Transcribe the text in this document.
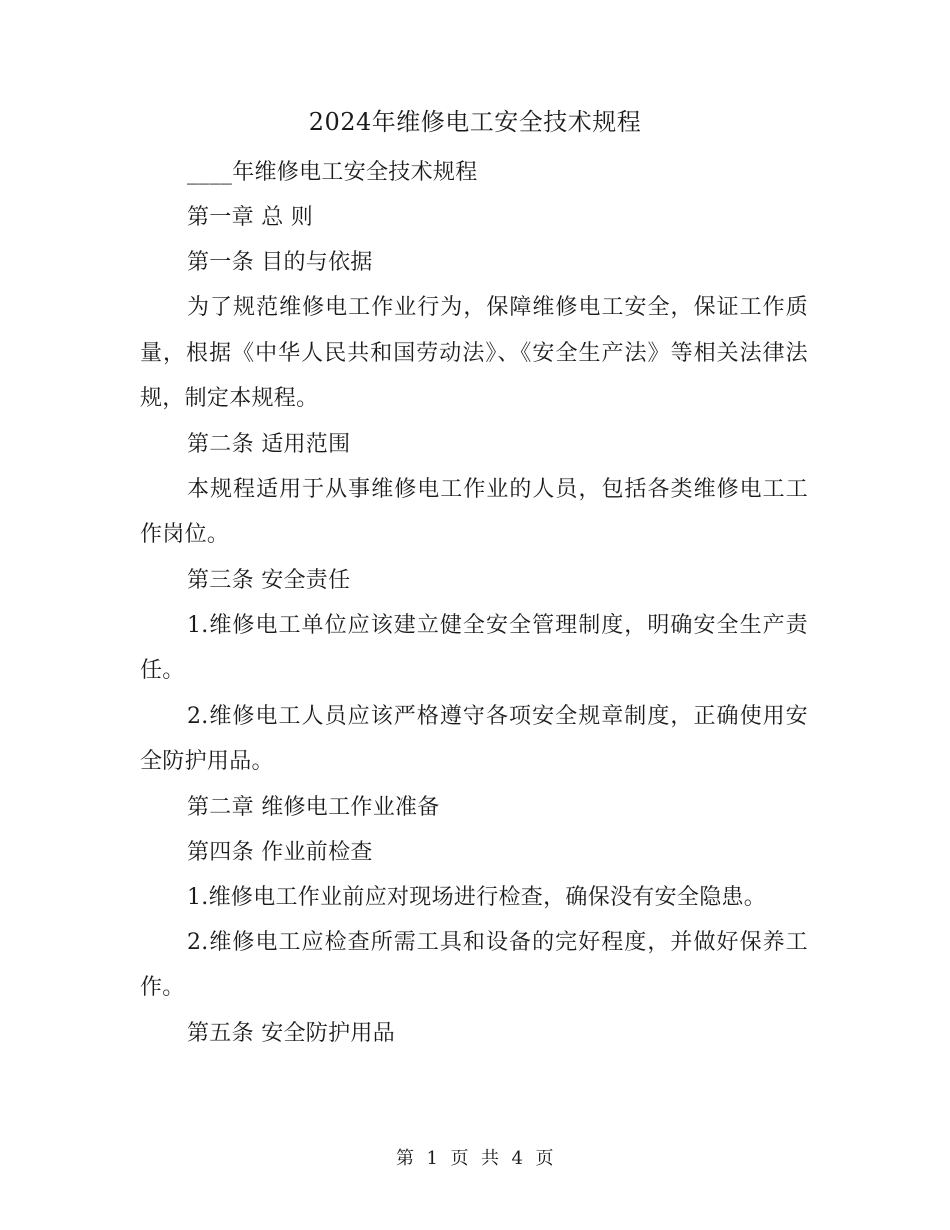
2024年维修电工安全技术规程

____年维修电工安全技术规程

第一章 总 则

第一条 目的与依据

为了规范维修电工作业行为，保障维修电工安全，保证工作质量，根据《中华人民共和国劳动法》、《安全生产法》等相关法律法规，制定本规程。

第二条 适用范围

本规程适用于从事维修电工作业的人员，包括各类维修电工工作岗位。

第三条 安全责任

1.维修电工单位应该建立健全安全管理制度，明确安全生产责任。

2.维修电工人员应该严格遵守各项安全规章制度，正确使用安全防护用品。

第二章 维修电工作业准备

第四条 作业前检查

1.维修电工作业前应对现场进行检查，确保没有安全隐患。

2.维修电工应检查所需工具和设备的完好程度，并做好保养工作。

第五条 安全防护用品

第 1 页 共 4 页
